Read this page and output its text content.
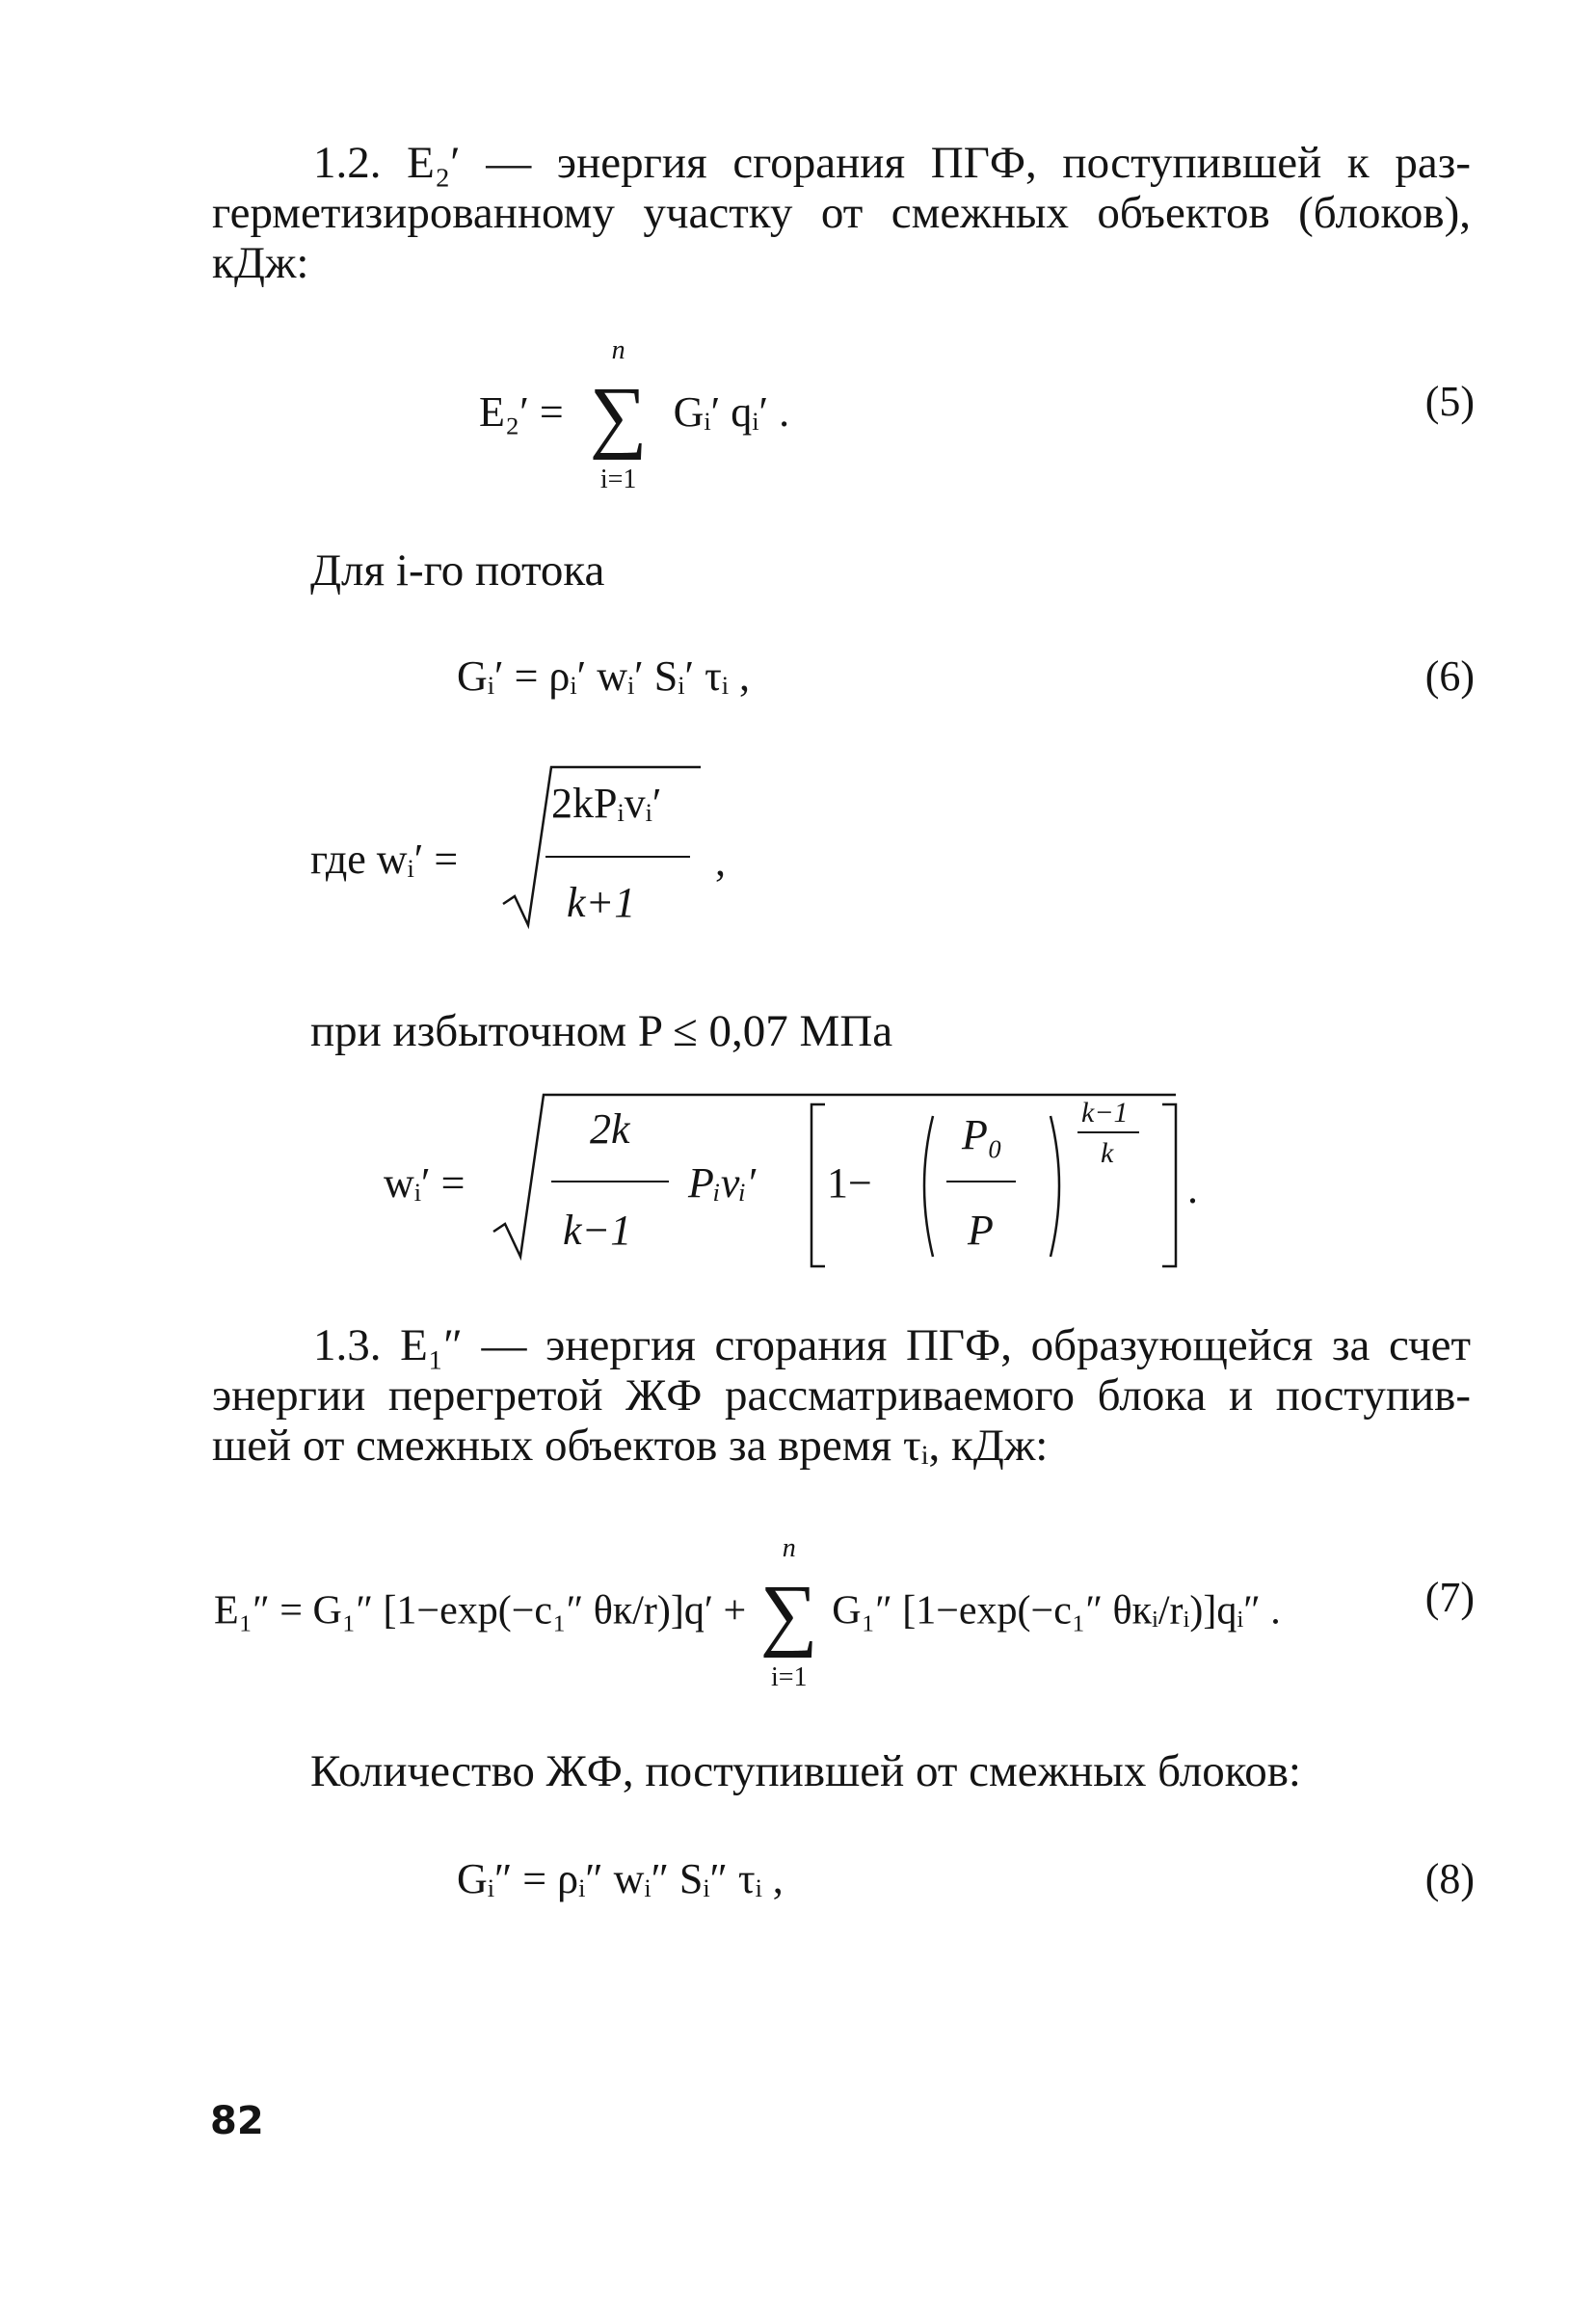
1.2. E₂′ — энергия сгорания ПГФ, поступившей к раз-
герметизированному участку от смежных объектов (блоков),
кДж:
E₂′ =
n
∑
i=1
Gᵢ′ qᵢ′ .	(5)
Для i-го потока
Gᵢ′ = ρᵢ′ wᵢ′ Sᵢ′ τᵢ ,	(6)
где wᵢ′ =
2kPᵢvᵢ′
k+1
,
при избыточном P ≤ 0,07 МПа
wᵢ′ =
2k
k−1
Pᵢvᵢ′ 1−
P₀
P
k−1
k
.
1.3. E₁″ — энергия сгорания ПГФ, образующейся за счет
энергии перегретой ЖФ рассматриваемого блока и поступив-
шей от смежных объектов за время τᵢ, кДж:
E₁″ = G₁″ [1−exp(−c₁″ θк/r)]q′ +
n
∑
i=1
G₁″ [1−exp(−c₁″ θкᵢ/rᵢ)]qᵢ″ .	(7)
Количество ЖФ, поступившей от смежных блоков:
Gᵢ″ = ρᵢ″ wᵢ″ Sᵢ″ τᵢ ,	(8)
82
